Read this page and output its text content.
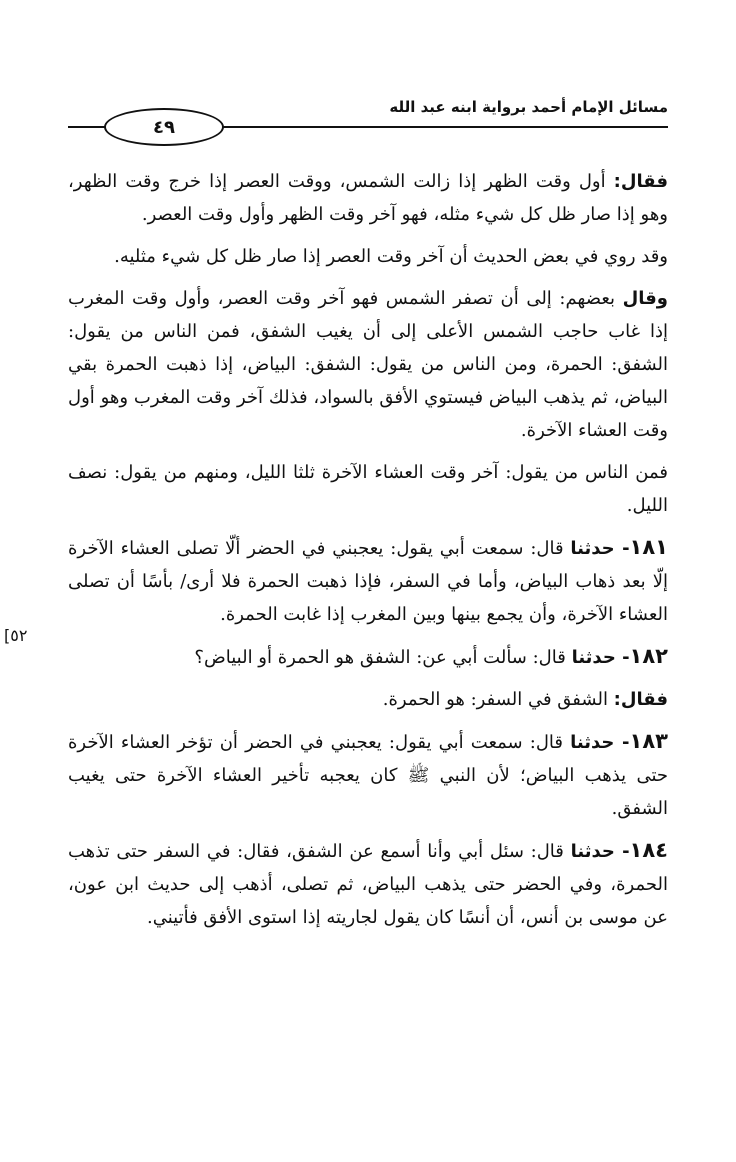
مسائل الإمام أحمد برواية ابنه عبد الله
٤٩
٥٢]

فقال: أول وقت الظهر إذا زالت الشمس، ووقت العصر إذا خرج وقت الظهر، وهو إذا صار ظل كل شيء مثله، فهو آخر وقت الظهر وأول وقت العصر.

وقد روي في بعض الحديث أن آخر وقت العصر إذا صار ظل كل شيء مثليه.

وقال بعضهم: إلى أن تصفر الشمس فهو آخر وقت العصر، وأول وقت المغرب إذا غاب حاجب الشمس الأعلى إلى أن يغيب الشفق، فمن الناس من يقول: الشفق: الحمرة، ومن الناس من يقول: الشفق: البياض، إذا ذهبت الحمرة بقي البياض، ثم يذهب البياض فيستوي الأفق بالسواد، فذلك آخر وقت المغرب وهو أول وقت العشاء الآخرة.

فمن الناس من يقول: آخر وقت العشاء الآخرة ثلثا الليل، ومنهم من يقول: نصف الليل.

١٨١- حدثنا قال: سمعت أبي يقول: يعجبني في الحضر ألّا تصلى العشاء الآخرة إلّا بعد ذهاب البياض، وأما في السفر، فإذا ذهبت الحمرة فلا أرى/ بأسًا أن تصلى العشاء الآخرة، وأن يجمع بينها وبين المغرب إذا غابت الحمرة.

١٨٢- حدثنا قال: سألت أبي عن: الشفق هو الحمرة أو البياض؟

فقال: الشفق في السفر: هو الحمرة.

١٨٣- حدثنا قال: سمعت أبي يقول: يعجبني في الحضر أن تؤخر العشاء الآخرة حتى يذهب البياض؛ لأن النبي ﷺ كان يعجبه تأخير العشاء الآخرة حتى يغيب الشفق.

١٨٤- حدثنا قال: سئل أبي وأنا أسمع عن الشفق، فقال: في السفر حتى تذهب الحمرة، وفي الحضر حتى يذهب البياض، ثم تصلى، أذهب إلى حديث ابن عون، عن موسى بن أنس، أن أنسًا كان يقول لجاريته إذا استوى الأفق فأتيني.
